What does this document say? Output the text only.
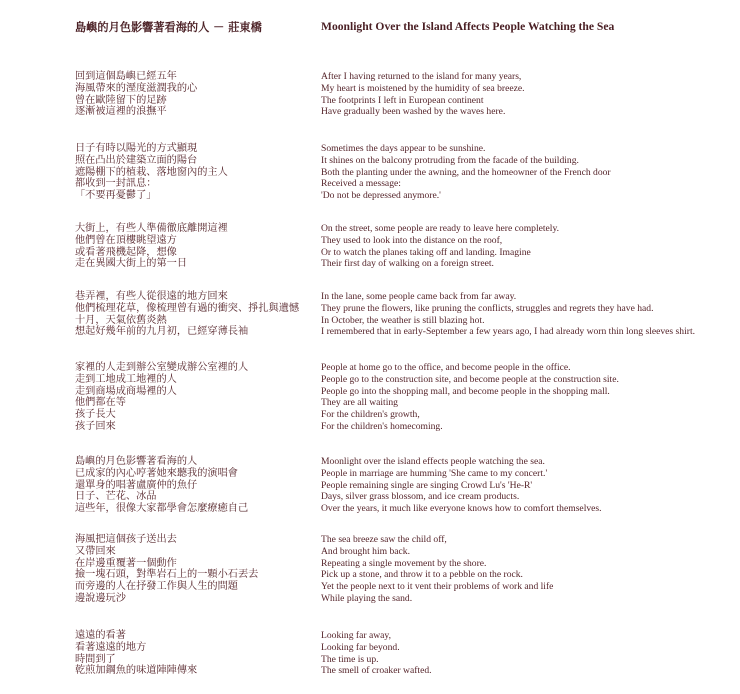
島嶼的月色影響著看海的人 － 莊東橋
回到這個島嶼已經五年
海風帶來的溼度滋潤我的心
曾在歐陸留下的足跡
逐漸被這裡的浪撫平
日子有時以陽光的方式顯現
照在凸出於建築立面的陽台
遮陽棚下的植栽、落地窗內的主人
都收到一封訊息：
「不要再憂鬱了」
大街上，有些人準備徹底離開這裡
他們曾在頂樓眺望遠方
或看著飛機起降，想像
走在異國大街上的第一日
巷弄裡，有些人從很遠的地方回來
他們梳理花草，像梳理曾有過的衝突、掙扎與遺憾
十月，天氣依舊炎熱
想起好幾年前的九月初，已經穿薄長袖
家裡的人走到辦公室變成辦公室裡的人
走到工地成工地裡的人
走到商場成商場裡的人
他們都在等
孩子長大
孩子回來
島嶼的月色影響著看海的人
已成家的內心哼著她來聽我的演唱會
還單身的唱著盧廣仲的魚仔
日子、芒花、冰品
這些年，很像大家都學會怎麼療癒自己
海風把這個孩子送出去
又帶回來
在岸邊重覆著一個動作
撿一塊石頭，對準岩石上的一顆小石丟去
而旁邊的人在抒發工作與人生的問題
邊說邊玩沙
遠遠的看著
看著遠遠的地方
時間到了
乾煎加鋼魚的味道陣陣傳來
Moonlight Over the Island Affects People Watching the Sea
After I having returned to the island for many years,
My heart is moistened by the humidity of sea breeze.
The footprints I left in European continent
Have gradually been washed by the waves here.
Sometimes the days appear to be sunshine.
It shines on the balcony protruding from the facade of the building.
Both the planting under the awning, and the homeowner of the French door
Received a message:
'Do not be depressed anymore.'
On the street, some people are ready to leave here completely.
They used to look into the distance on the roof,
Or to watch the planes taking off and landing. Imagine
Their first day of walking on a foreign street.
In the lane, some people came back from far away.
They prune the flowers, like pruning the conflicts, struggles and regrets they have had.
In October, the weather is still blazing hot.
I remembered that in early-September a few years ago, I had already worn thin long sleeves shirt.
People at home go to the office, and become people in the office.
People go to the construction site, and become people at the construction site.
People go into the shopping mall, and become people in the shopping mall.
They are all waiting
For the children's growth,
For the children's homecoming.
Moonlight over the island effects people watching the sea.
People in marriage are humming 'She came to my concert.'
People remaining single are singing Crowd Lu's 'He-R'
Days, silver grass blossom, and ice cream products.
Over the years, it much like everyone knows how to comfort themselves.
The sea breeze saw the child off,
And brought him back.
Repeating a single movement by the shore.
Pick up a stone, and throw it to a pebble on the rock.
Yet the people next to it vent their problems of work and life
While playing the sand.
Looking far away,
Looking far beyond.
The time is up.
The smell of croaker wafted.
